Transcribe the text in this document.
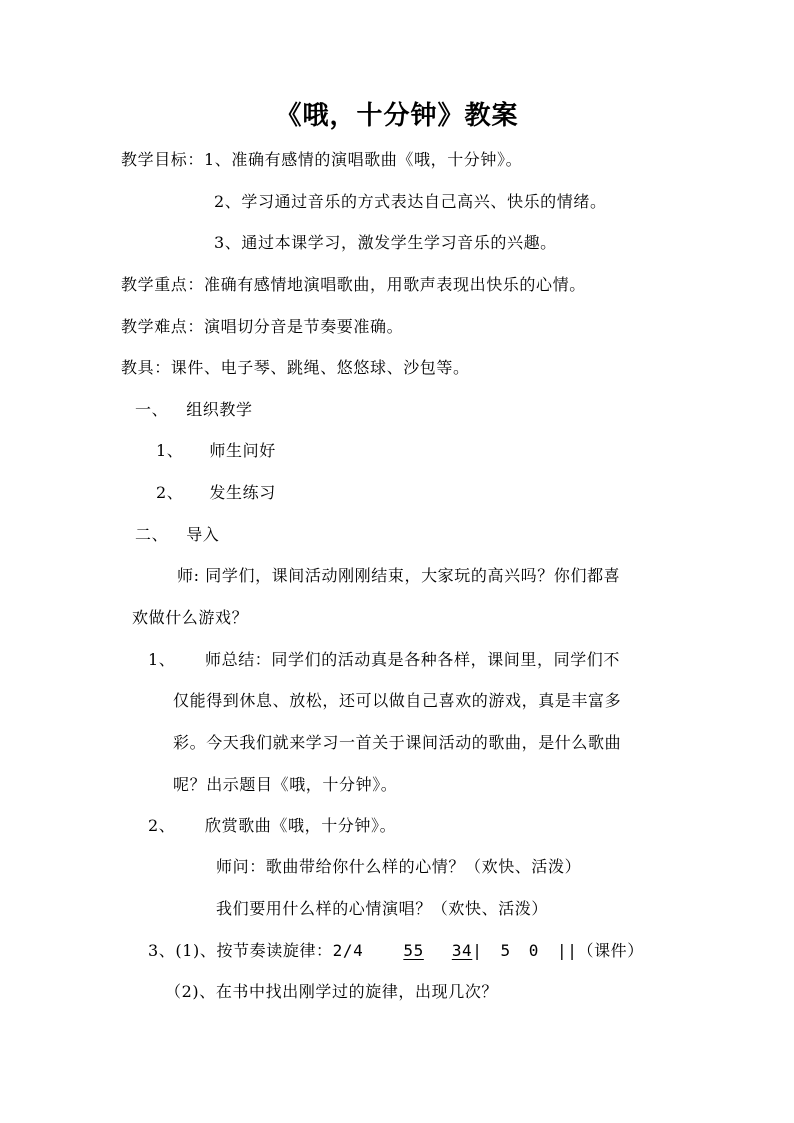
《哦，十分钟》教案
教学目标：1、准确有感情的演唱歌曲《哦，十分钟》。
2、学习通过音乐的方式表达自己高兴、快乐的情绪。
3、通过本课学习，激发学生学习音乐的兴趣。
教学重点：准确有感情地演唱歌曲，用歌声表现出快乐的心情。
教学难点：演唱切分音是节奏要准确。
教具：课件、电子琴、跳绳、悠悠球、沙包等。
一、 组织教学
1、 师生问好
2、 发生练习
二、 导入
师: 同学们，课间活动刚刚结束，大家玩的高兴吗？你们都喜
欢做什么游戏？
1、 师总结：同学们的活动真是各种各样，课间里，同学们不
仅能得到休息、放松，还可以做自己喜欢的游戏，真是丰富多
彩。今天我们就来学习一首关于课间活动的歌曲，是什么歌曲
呢？出示题目《哦，十分钟》。
2、 欣赏歌曲《哦，十分钟》。
师问：歌曲带给你什么样的心情？（欢快、活泼）
我们要用什么样的心情演唱？（欢快、活泼）
3、(1)、按节奏读旋律：2/4	55 34| 5 0 ||（课件）
（2)、在书中找出刚学过的旋律，出现几次？
